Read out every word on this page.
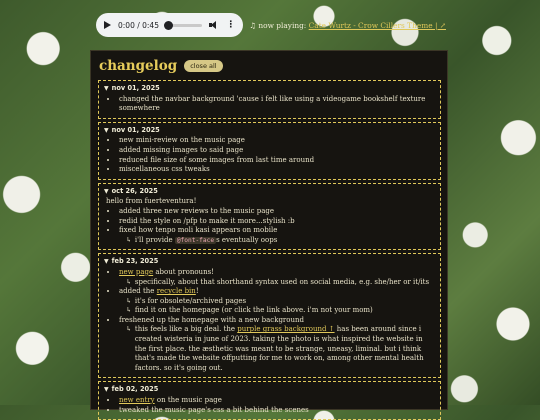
0:00 / 0:45	⋮ ♫ now playing: Cate Wurtz - Crow Cillers Theme | ↗
changelog	close all
▼ nov 01, 2025
• changed the navbar background 'cause i felt like using a videogame bookshelf texture somewhere
▼ nov 01, 2025
• new mini-review on the music page
• added missing images to said page
• reduced file size of some images from last time around
• miscellaneous css tweaks
▼ oct 26, 2025
hello from fuerteventura!
• added three new reviews to the music page
• redid the style on /pfp to make it more...stylish :b
• fixed how tenpo moli kasi appears on mobile
↳ i'll provide @font-face s eventually oops
▼ feb 23, 2025
• new page about pronouns!
↳ specifically, about that shorthand syntax used on social media, e.g. she/her or it/its
• added the recycle bin!
↳ it's for obsolete/archived pages
↳ find it on the homepage (or click the link above. i'm not your mom)
• freshened up the homepage with a new background
↳ this feels like a big deal. the purple grass background ↑ has been around since i created wisteria in june of 2023. taking the photo is what inspired the website in the first place. the æsthetic was meant to be strange, uneasy, liminal. but i think that's made the website offputting for me to work on, among other mental health factors. so it's going out.
▼ feb 02, 2025
• new entry on the music page
• tweaked the music page's css a bit behind the scenes
